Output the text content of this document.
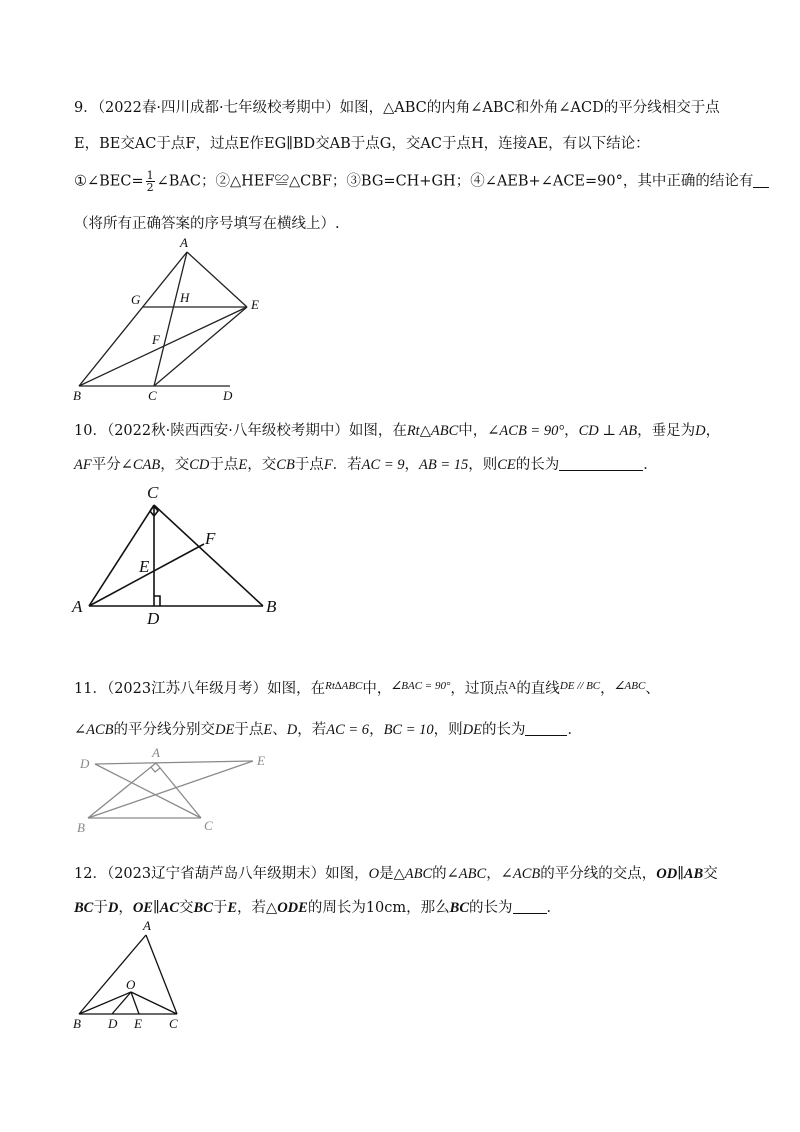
9．（2022春·四川成都·七年级校考期中）如图，△ABC的内角∠ABC和外角∠ACD的平分线相交于点
E，BE交AC于点F，过点E作EG∥BD交AB于点G，交AC于点H，连接AE，有以下结论：
①∠BEC= $\frac{1}{2}$ ∠BAC；②△HEF≌△CBF；③BG=CH+GH；④∠AEB+∠ACE=90°，其中正确的结论有
（将所有正确答案的序号填写在横线上）.
A
G	H	E
F
B	C	D
10．（2022秋·陕西西安·八年级校考期中）如图，在Rt△ABC中，∠ACB = 90°，CD ⊥ AB，垂足为D，
AF平分∠CAB，交CD于点E，交CB于点F．若AC = 9，AB = 15，则CE的长为	．
C
F
E
A
D
B
11．（2023江苏八年级月考）如图，在$^{Rt\Delta ABC}$中，$^{\angle BAC = 90^\circ}$，过顶点$^A$的直线$^{DE // BC}$，$^{\angle ABC}$、
∠ACB的平分线分别交DE于点E、D，若AC = 6，BC = 10，则DE的长为	．
A
D	E
B	C
12．（2023辽宁省葫芦岛八年级期末）如图，O是△ABC的∠ABC，∠ACB的平分线的交点，OD∥AB交
BC于D，OE∥AC交BC于E，若△ODE的周长为10cm，那么BC的长为 ．
A
O
B D E C
